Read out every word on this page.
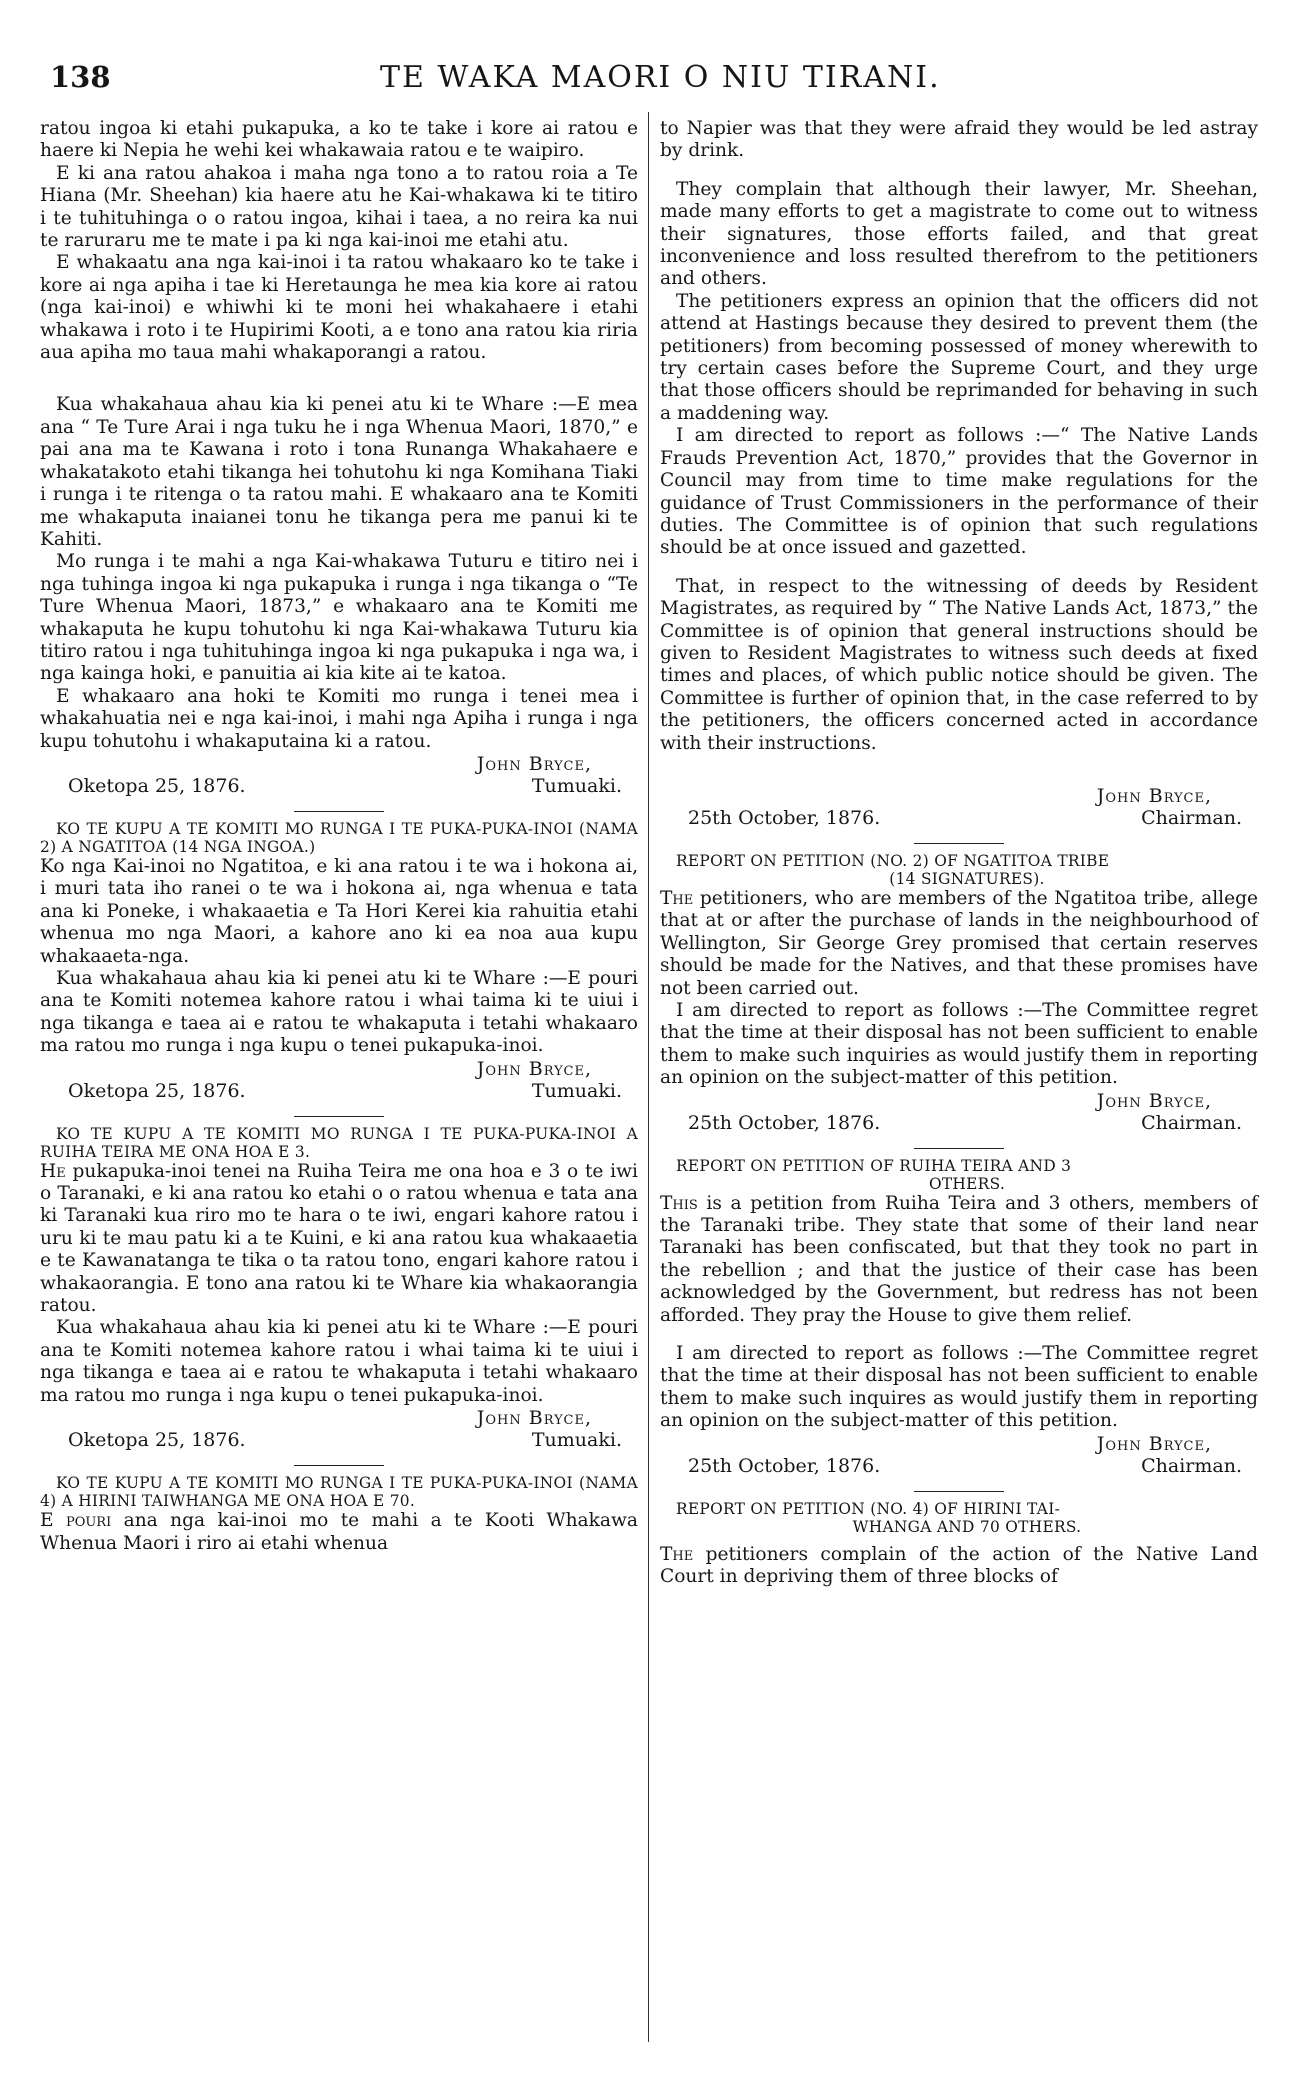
138	TE WAKA MAORI O NIU TIRANI.

ratou ingoa ki etahi pukapuka, a ko te take i kore ai ratou e haere ki Nepia he wehi kei whakawaia ratou e te waipiro.

E ki ana ratou ahakoa i maha nga tono a to ratou roia a Te Hiana (Mr. Sheehan) kia haere atu he Kai-whakawa ki te titiro i te tuhituhinga o o ratou ingoa, kihai i taea, a no reira ka nui te raruraru me te mate i pa ki nga kai-inoi me etahi atu.

E whakaatu ana nga kai-inoi i ta ratou whakaaro ko te take i kore ai nga apiha i tae ki Heretaunga he mea kia kore ai ratou (nga kai-inoi) e whiwhi ki te moni hei whakahaere i etahi whakawa i roto i te Hupirimi Kooti, a e tono ana ratou kia riria aua apiha mo taua mahi whakaporangi a ratou.

Kua whakahaua ahau kia ki penei atu ki te Whare :—E mea ana “ Te Ture Arai i nga tuku he i nga Whenua Maori, 1870,” e pai ana ma te Kawana i roto i tona Runanga Whakahaere e whakatakoto etahi tikanga hei tohutohu ki nga Komihana Tiaki i runga i te ritenga o ta ratou mahi. E whakaaro ana te Komiti me whakaputa inaianei tonu he tikanga pera me panui ki te Kahiti.

Mo runga i te mahi a nga Kai-whakawa Tuturu e titiro nei i nga tuhinga ingoa ki nga pukapuka i runga i nga tikanga o “Te Ture Whenua Maori, 1873,” e whakaaro ana te Komiti me whakaputa he kupu tohutohu ki nga Kai-whakawa Tuturu kia titiro ratou i nga tuhituhinga ingoa ki nga pukapuka i nga wa, i nga kainga hoki, e panuitia ai kia kite ai te katoa.

E whakaaro ana hoki te Komiti mo runga i tenei mea i whakahuatia nei e nga kai-inoi, i mahi nga Apiha i runga i nga kupu tohutohu i whakaputaina ki a ratou.

Oketopa 25, 1876.
John Bryce,
Tumuaki.

KO TE KUPU A TE KOMITI MO RUNGA I TE PUKA-PUKA-INOI (NAMA 2) A NGATITOA (14 NGA INGOA.)

Ko nga Kai-inoi no Ngatitoa, e ki ana ratou i te wa i hokona ai, i muri tata iho ranei o te wa i hokona ai, nga whenua e tata ana ki Poneke, i whakaaetia e Ta Hori Kerei kia rahuitia etahi whenua mo nga Maori, a kahore ano ki ea noa aua kupu whakaaeta-nga.

Kua whakahaua ahau kia ki penei atu ki te Whare :—E pouri ana te Komiti notemea kahore ratou i whai taima ki te uiui i nga tikanga e taea ai e ratou te whakaputa i tetahi whakaaro ma ratou mo runga i nga kupu o tenei pukapuka-inoi.

Oketopa 25, 1876.
John Bryce,
Tumuaki.

KO TE KUPU A TE KOMITI MO RUNGA I TE PUKA-PUKA-INOI A RUIHA TEIRA ME ONA HOA E 3.

He pukapuka-inoi tenei na Ruiha Teira me ona hoa e 3 o te iwi o Taranaki, e ki ana ratou ko etahi o o ratou whenua e tata ana ki Taranaki kua riro mo te hara o te iwi, engari kahore ratou i uru ki te mau patu ki a te Kuini, e ki ana ratou kua whakaaetia e te Kawanatanga te tika o ta ratou tono, engari kahore ratou i whakaorangia. E tono ana ratou ki te Whare kia whakaorangia ratou.

Kua whakahaua ahau kia ki penei atu ki te Whare :—E pouri ana te Komiti notemea kahore ratou i whai taima ki te uiui i nga tikanga e taea ai e ratou te whakaputa i tetahi whakaaro ma ratou mo runga i nga kupu o tenei pukapuka-inoi.

Oketopa 25, 1876.
John Bryce,
Tumuaki.

KO TE KUPU A TE KOMITI MO RUNGA I TE PUKA-PUKA-INOI (NAMA 4) A HIRINI TAIWHANGA ME ONA HOA E 70.

E pouri ana nga kai-inoi mo te mahi a te Kooti Whakawa Whenua Maori i riro ai etahi whenua

to Napier was that they were afraid they would be led astray by drink.

They complain that although their lawyer, Mr. Sheehan, made many efforts to get a magistrate to come out to witness their signatures, those efforts failed, and that great inconvenience and loss resulted therefrom to the petitioners and others.

The petitioners express an opinion that the officers did not attend at Hastings because they desired to prevent them (the petitioners) from becoming possessed of money wherewith to try certain cases before the Supreme Court, and they urge that those officers should be reprimanded for behaving in such a maddening way.

I am directed to report as follows :—“ The Native Lands Frauds Prevention Act, 1870,” provides that the Governor in Council may from time to time make regulations for the guidance of Trust Commissioners in the performance of their duties. The Committee is of opinion that such regulations should be at once issued and gazetted.

That, in respect to the witnessing of deeds by Resident Magistrates, as required by “ The Native Lands Act, 1873,” the Committee is of opinion that general instructions should be given to Resident Magistrates to witness such deeds at fixed times and places, of which public notice should be given. The Committee is further of opinion that, in the case referred to by the petitioners, the officers concerned acted in accordance with their instructions.

25th October, 1876.
John Bryce,
Chairman.

REPORT ON PETITION (NO. 2) OF NGATITOA TRIBE

(14 SIGNATURES).

The petitioners, who are members of the Ngatitoa tribe, allege that at or after the purchase of lands in the neighbourhood of Wellington, Sir George Grey promised that certain reserves should be made for the Natives, and that these promises have not been carried out.

I am directed to report as follows :—The Committee regret that the time at their disposal has not been sufficient to enable them to make such inquiries as would justify them in reporting an opinion on the subject-matter of this petition.

25th October, 1876.
John Bryce,
Chairman.

REPORT ON PETITION OF RUIHA TEIRA AND 3

OTHERS.

This is a petition from Ruiha Teira and 3 others, members of the Taranaki tribe. They state that some of their land near Taranaki has been confiscated, but that they took no part in the rebellion ; and that the justice of their case has been acknowledged by the Government, but redress has not been afforded. They pray the House to give them relief.

I am directed to report as follows :—The Committee regret that the time at their disposal has not been sufficient to enable them to make such inquires as would justify them in reporting an opinion on the subject-matter of this petition.

25th October, 1876.
John Bryce,
Chairman.

REPORT ON PETITION (NO. 4) OF HIRINI TAI-

WHANGA AND 70 OTHERS.

The petitioners complain of the action of the Native Land Court in depriving them of three blocks of
